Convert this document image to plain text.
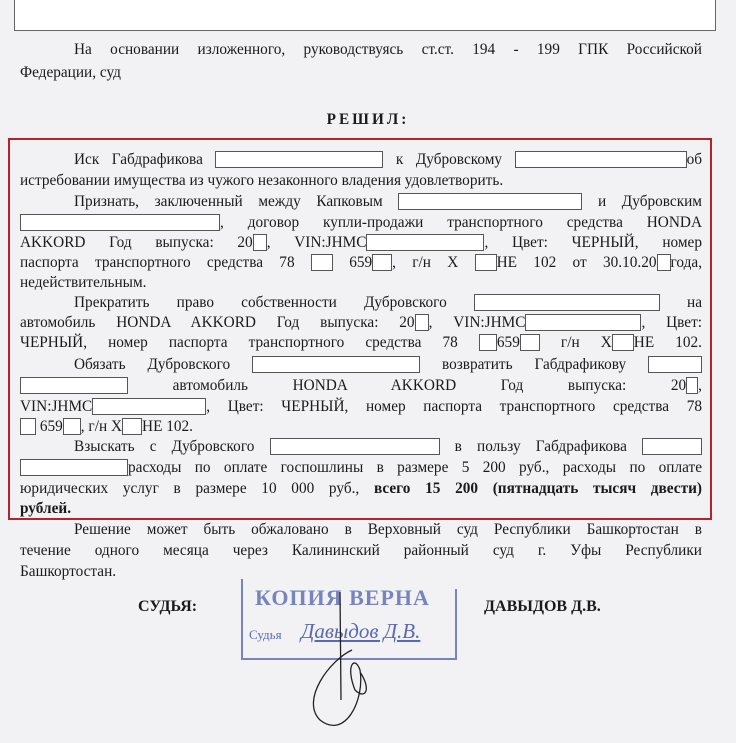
На основании изложенного, руководствуясь ст.ст. 194 - 199 ГПК Российской
Федерации, суд
РЕШИЛ:
Иск Габдрафикова	к Дубровскому	об
истребовании имущества из чужого незаконного владения удовлетворить.
Признать, заключенный между Капковым	и Дубровским
, договор купли-продажи транспортного средства HONDA
AKKORD Год выпуска: 20 , VIN:JHMC	, Цвет: ЧЕРНЫЙ, номер
паспорта транспортного средства 78	659 , г/н Х	НЕ 102 от 30.10.20 года,
недействительным.
Прекратить право собственности Дубровского	на
автомобиль HONDA AKKORD Год выпуска: 20 , VIN:JHMC	, Цвет:
ЧЕРНЫЙ, номер паспорта транспортного средства 78	659	г/н Х НЕ 102.
Обязать Дубровского	возвратить Габдрафикову
автомобиль HONDA AKKORD Год выпуска: 20 ,
VIN:JHMC	, Цвет: ЧЕРНЫЙ, номер паспорта транспортного средства 78
659 , г/н Х НЕ 102.
Взыскать с Дубровского	в пользу Габдрафикова
расходы по оплате госпошлины в размере 5 200 руб., расходы по оплате
юридических услуг в размере 10 000 руб., всего 15 200 (пятнадцать тысяч двести)
рублей.
Решение может быть обжаловано в Верховный суд Республики Башкортостан в
течение одного месяца через Калининский районный суд г. Уфы Республики
Башкортостан.
СУДЬЯ:	ДАВЫДОВ Д.В.
КОПИЯ ВЕРНА
Судья Давыдов Д.В.
